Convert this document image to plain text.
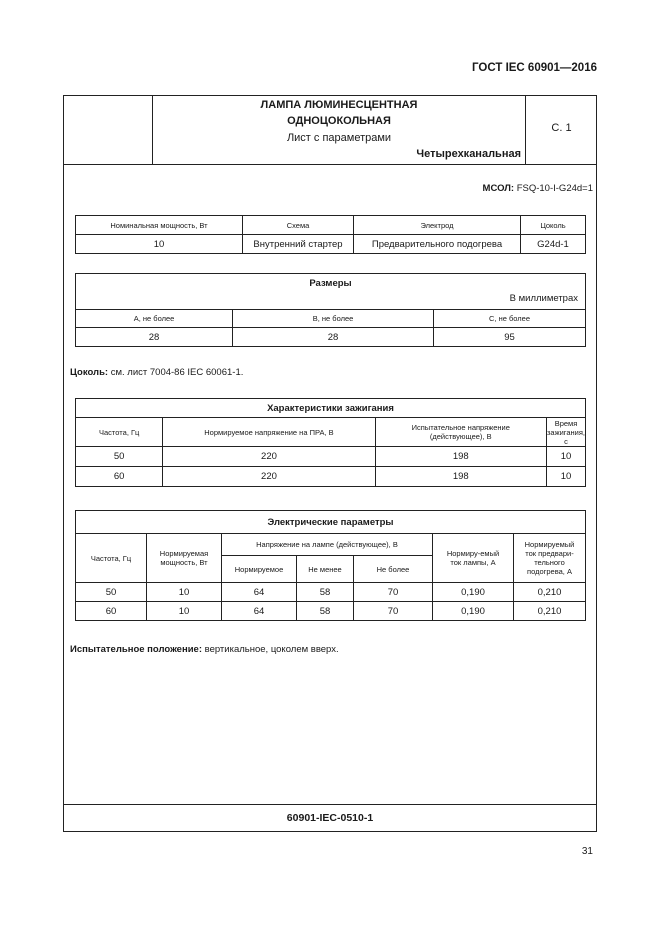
ГОСТ IEC 60901—2016
ЛАМПА ЛЮМИНЕСЦЕНТНАЯ
ОДНОЦОКОЛЬНАЯ
Лист с параметрами
Четырехканальная
С. 1
МСОЛ: FSQ-10-I-G24d=1
Номинальная мощность, Вт	Схема	Электрод	Цоколь
10	Внутренний стартер	Предварительного подогрева	G24d-1
Размеры
В миллиметрах		

A, не более	B, не более	C, не более
28	28	95
Цоколь: см. лист 7004-86 IEC 60061-1.
Характеристики зажигания			
Частота, Гц	Нормируемое напряжение на ПРА, В	Испытательное напряжение (действующее), В	Время зажигания, с
50	220	198	10
60	220	198	10
Электрические параметры						
Частота, Гц	Нормируемая мощность, Вт	Напряжение на лампе (действующее), В			Нормиру-емый ток лампы, А	Нормируемый ток предвари-тельного подогрева, А
		Нормируемое	Не менее	Не более		
50	10	64	58	70	0,190	0,210
60	10	64	58	70	0,190	0,210
Испытательное положение: вертикальное, цоколем вверх.
60901-IEC-0510-1
31
